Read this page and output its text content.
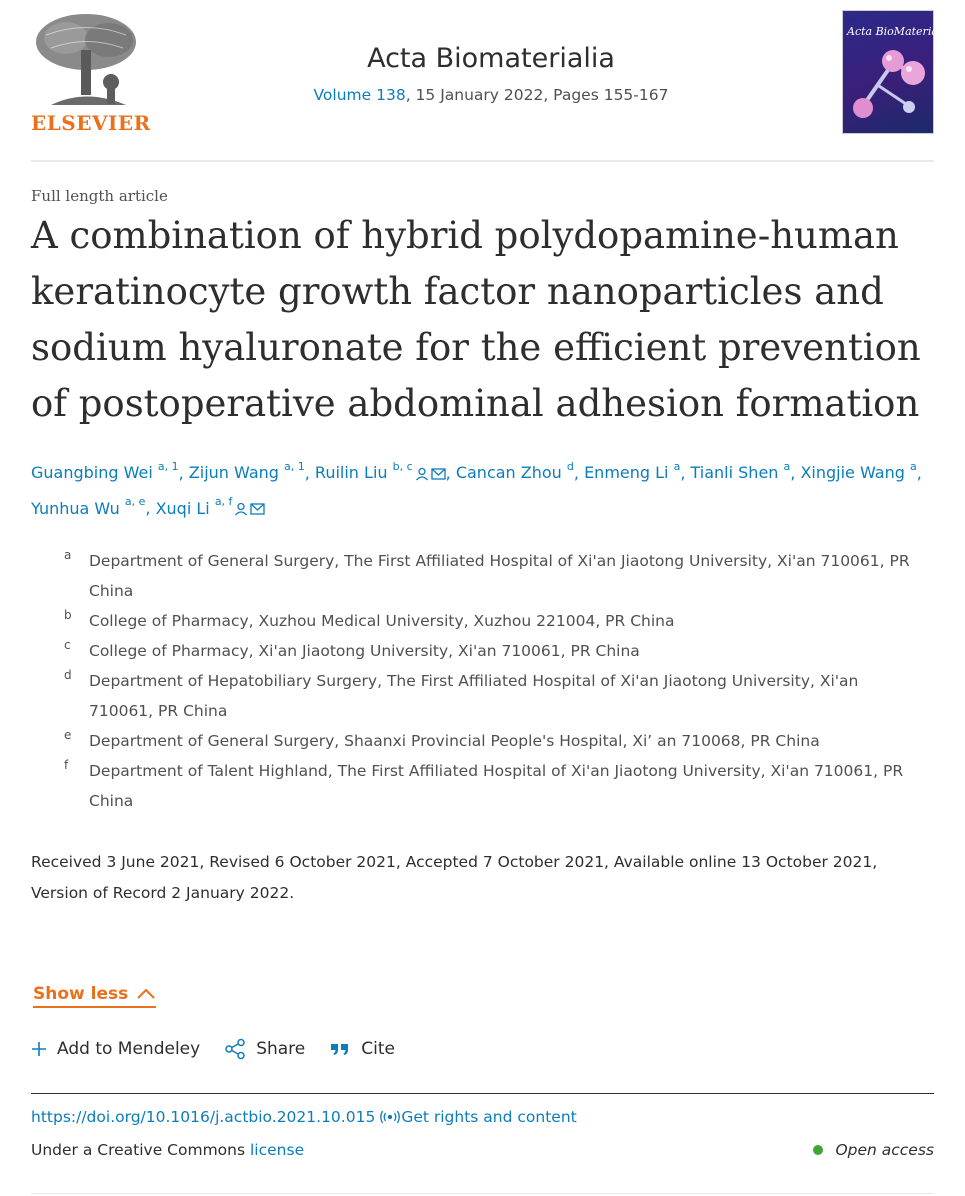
ELSEVIER
Acta Biomaterialia
Volume 138, 15 January 2022, Pages 155-167
Acta BioMaterialia
Full length article
A combination of hybrid polydopamine-human keratinocyte growth factor nanoparticles and sodium hyaluronate for the efficient prevention of postoperative abdominal adhesion formation
Guangbing Wei $^{a, 1}$, Zijun Wang $^{a, 1}$, Ruilin Liu $^{b, c}$ , Cancan Zhou $^d$, Enmeng Li $^a$, Tianli Shen $^a$, Xingjie Wang $^a$,
Yunhua Wu $^{a, e}$, Xuqi Li $^{a, f}$
a Department of General Surgery, The First Affiliated Hospital of Xi'an Jiaotong University, Xi'an 710061, PR China
b College of Pharmacy, Xuzhou Medical University, Xuzhou 221004, PR China
c College of Pharmacy, Xi'an Jiaotong University, Xi'an 710061, PR China
d Department of Hepatobiliary Surgery, The First Affiliated Hospital of Xi'an Jiaotong University, Xi'an 710061, PR China
e Department of General Surgery, Shaanxi Provincial People's Hospital, Xi’ an 710068, PR China
f Department of Talent Highland, The First Affiliated Hospital of Xi'an Jiaotong University, Xi'an 710061, PR China
Received 3 June 2021, Revised 6 October 2021, Accepted 7 October 2021, Available online 13 October 2021, Version of Record 2 January 2022.
Show less
Add to Mendeley	Share	Cite
https://doi.org/10.1016/j.actbio.2021.10.015 Get rights and content
Under a Creative Commons license	Open access
